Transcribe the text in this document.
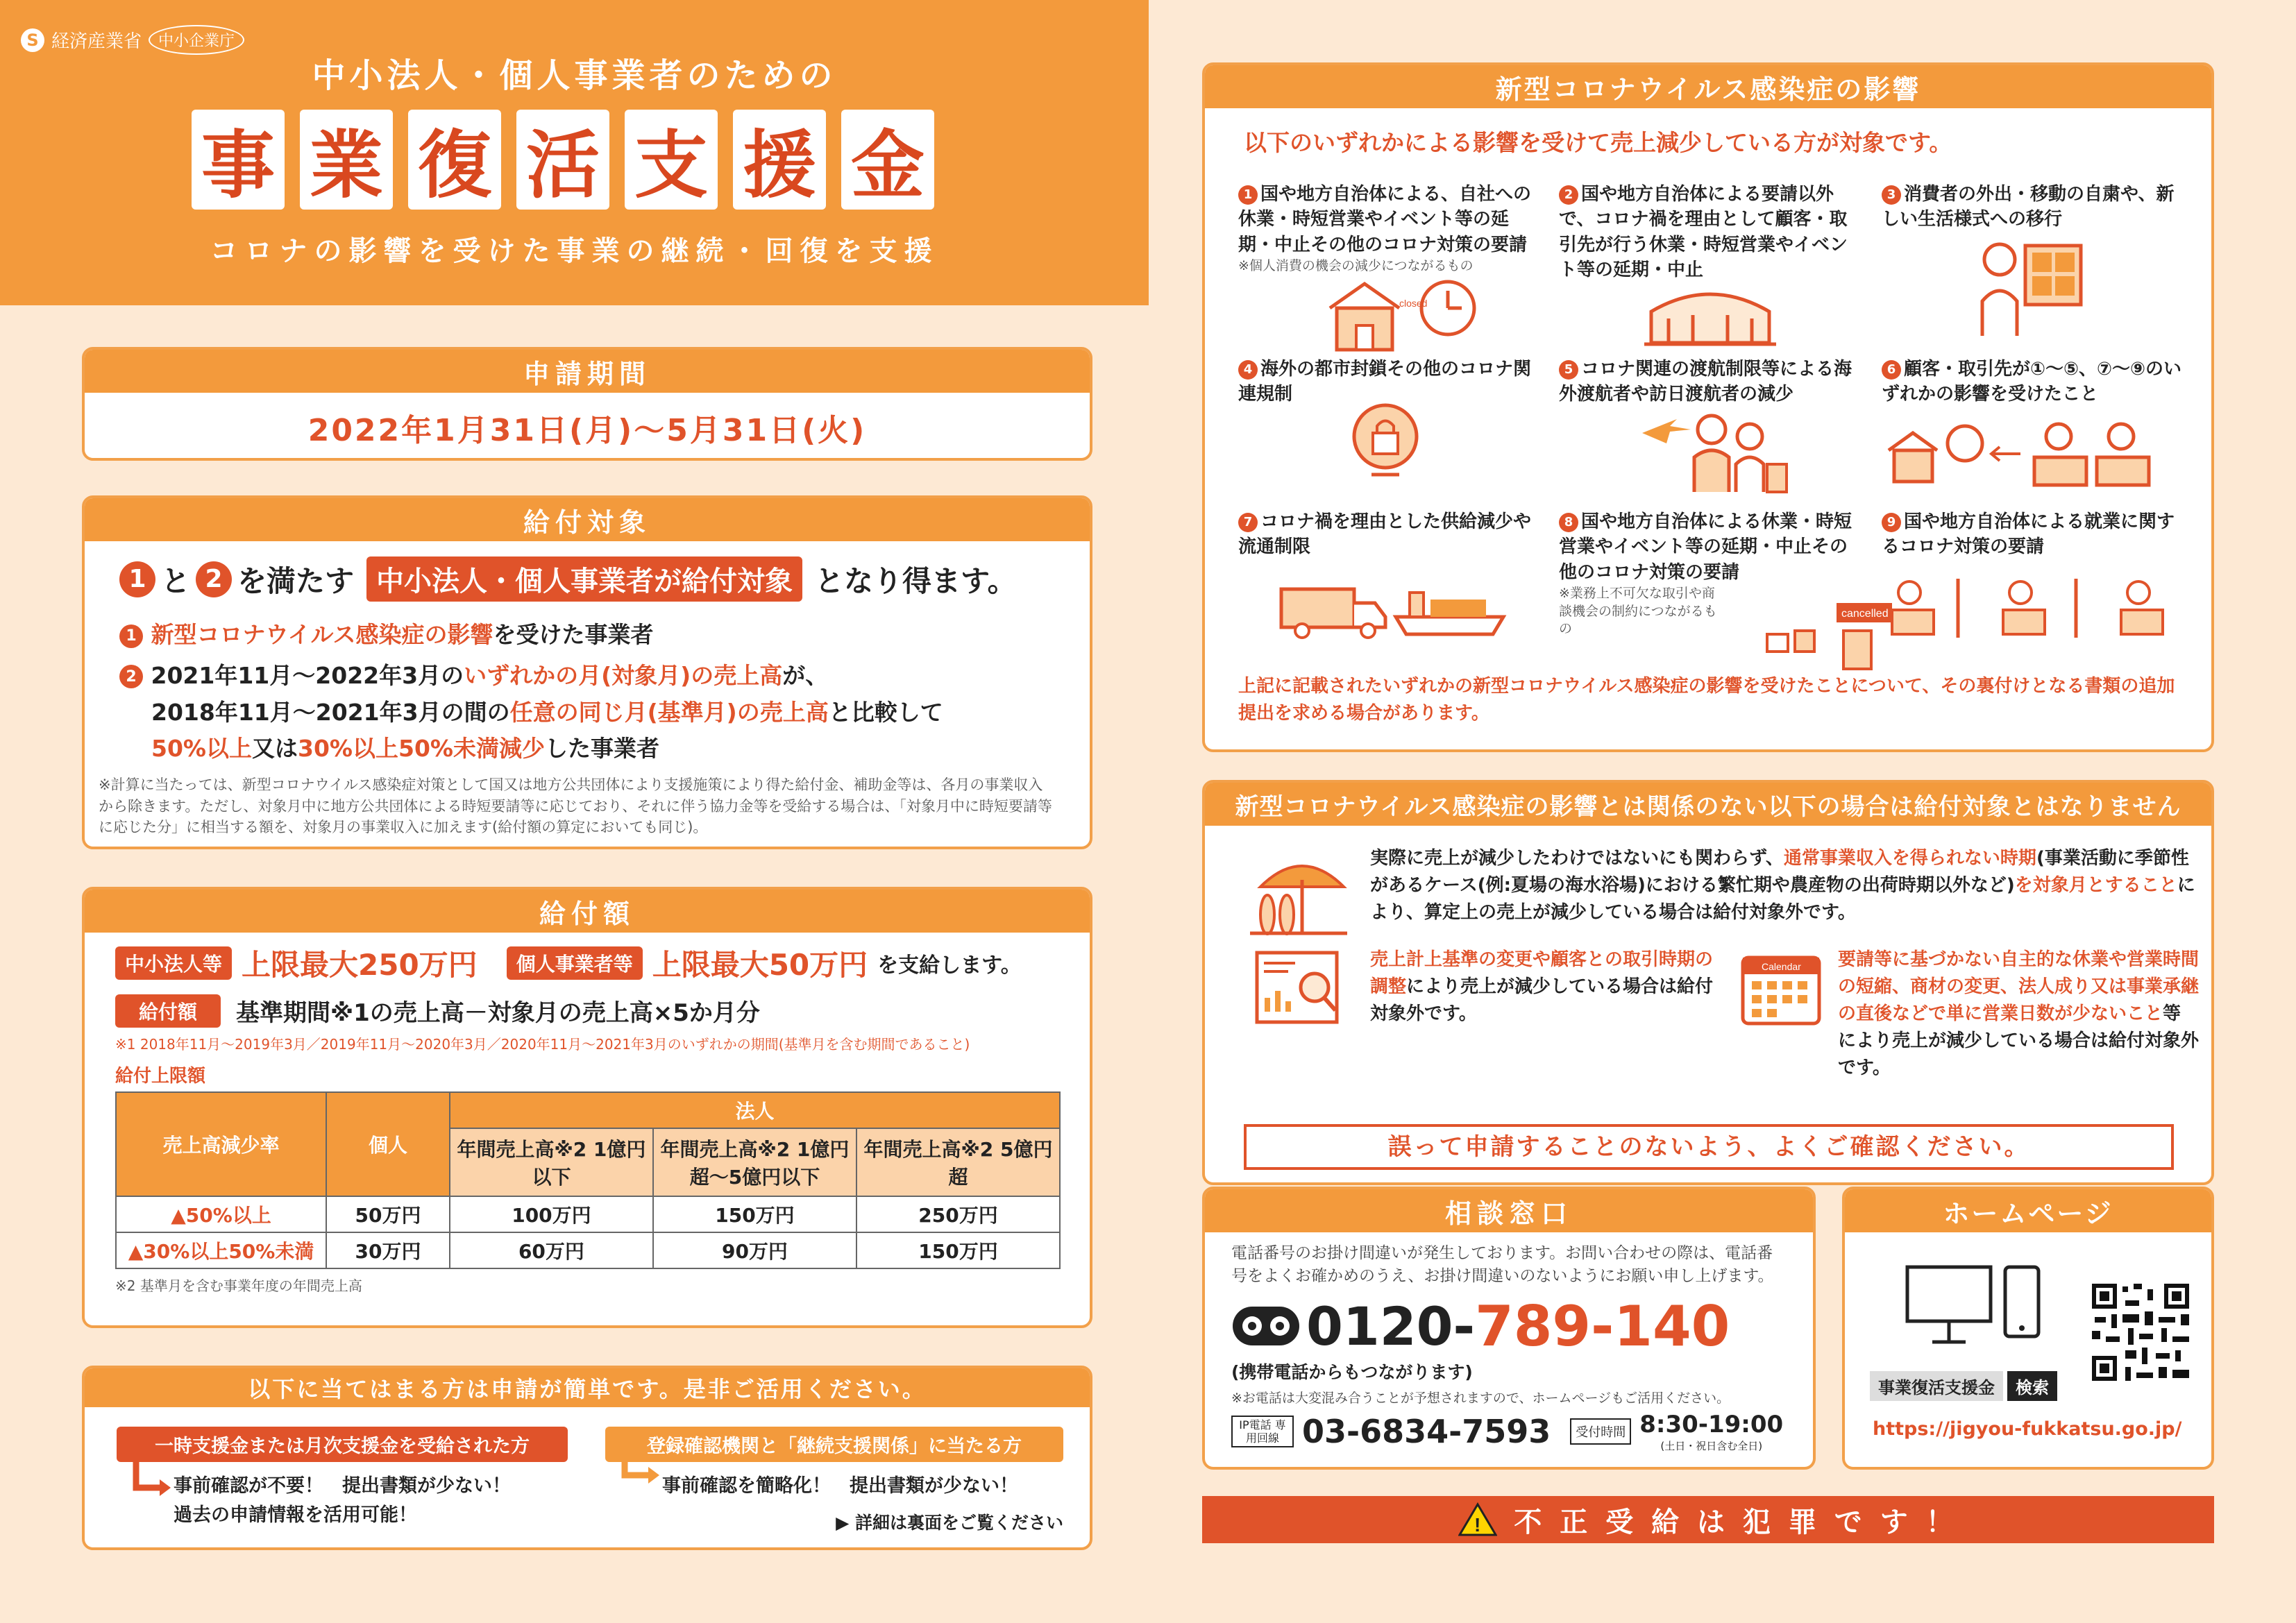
S 経済産業省	中小企業庁
中小法人・個人事業者のための
事 業 復 活 支 援 金
コロナの影響を受けた事業の継続・回復を支援
申請期間
2022年1月31日(月)～5月31日(火)
給付対象
1 と 2 を満たす 中小法人・個人事業者が給付対象 となり得ます。
1 新型コロナウイルス感染症の影響を受けた事業者
2 2021年11月～2022年3月のいずれかの月(対象月)の売上高が、
2018年11月～2021年3月の間の任意の同じ月(基準月)の売上高と比較して
50%以上又は30%以上50%未満減少した事業者
※計算に当たっては、新型コロナウイルス感染症対策として国又は地方公共団体により支援施策により得た給付金、補助金等は、各月の事業収入から除きます。ただし、対象月中に地方公共団体による時短要請等に応じており、それに伴う協力金等を受給する場合は、「対象月中に時短要請等に応じた分」に相当する額を、対象月の事業収入に加えます(給付額の算定においても同じ)。
給付額
中小法人等 上限最大250万円	個人事業者等 上限最大50万円 を支給します。
給付額	基準期間※1の売上高－対象月の売上高×5か月分
※1 2018年11月～2019年3月／2019年11月～2020年3月／2020年11月～2021年3月のいずれかの期間(基準月を含む期間であること)
給付上限額
売上高減少率	個人	法人		
		年間売上高※2 1億円以下	年間売上高※2 1億円超～5億円以下	年間売上高※2 5億円超
▲50%以上	50万円	100万円	150万円	250万円
▲30%以上50%未満	30万円	60万円	90万円	150万円
※2 基準月を含む事業年度の年間売上高
以下に当てはまる方は申請が簡単です。是非ご活用ください。
一時支援金または月次支援金を受給された方
事前確認が不要！　提出書類が少ない！
過去の申請情報を活用可能！
登録確認機関と「継続支援関係」に当たる方
事前確認を簡略化！　提出書類が少ない！
▶ 詳細は裏面をご覧ください
新型コロナウイルス感染症の影響
以下のいずれかによる影響を受けて売上減少している方が対象です。
1 国や地方自治体による、自社への休業・時短営業やイベント等の延期・中止その他のコロナ対策の要請
※個人消費の機会の減少につながるもの
closed
2 国や地方自治体による要請以外で、コロナ禍を理由として顧客・取引先が行う休業・時短営業やイベント等の延期・中止
3 消費者の外出・移動の自粛や、新しい生活様式への移行
4 海外の都市封鎖その他のコロナ関連規制
5 コロナ関連の渡航制限等による海外渡航者や訪日渡航者の減少
6 顧客・取引先が①～⑤、⑦～⑨のいずれかの影響を受けたこと
7 コロナ禍を理由とした供給減少や流通制限
8 国や地方自治体による休業・時短営業やイベント等の延期・中止その他のコロナ対策の要請
※業務上不可欠な取引や商談機会の制約につながるもの
cancelled
9 国や地方自治体による就業に関するコロナ対策の要請
上記に記載されたいずれかの新型コロナウイルス感染症の影響を受けたことについて、その裏付けとなる書類の追加提出を求める場合があります。
新型コロナウイルス感染症の影響とは関係のない以下の場合は給付対象とはなりません
実際に売上が減少したわけではないにも関わらず、通常事業収入を得られない時期(事業活動に季節性があるケース(例:夏場の海水浴場)における繁忙期や農産物の出荷時期以外など)を対象月とすることにより、算定上の売上が減少している場合は給付対象外です。
売上計上基準の変更や顧客との取引時期の調整により売上が減少している場合は給付対象外です。
Calendar 要請等に基づかない自主的な休業や営業時間の短縮、商材の変更、法人成り又は事業承継の直後などで単に営業日数が少ないこと等により売上が減少している場合は給付対象外です。
誤って申請することのないよう、よくご確認ください。
相談窓口
電話番号のお掛け間違いが発生しております。お問い合わせの際は、電話番号をよくお確かめのうえ、お掛け間違いのないようにお願い申し上げます。
0120- 789-140
(携帯電話からもつながります)
※お電話は大変混み合うことが予想されますので、ホームページもご活用ください。
IP電話 専用回線 03-6834-7593	受付時間 8:30-19:00
(土日・祝日含む全日)
ホームページ
事業復活支援金	検索
https://jigyou-fukkatsu.go.jp/
! 不 正 受 給 は 犯 罪 で す ！
